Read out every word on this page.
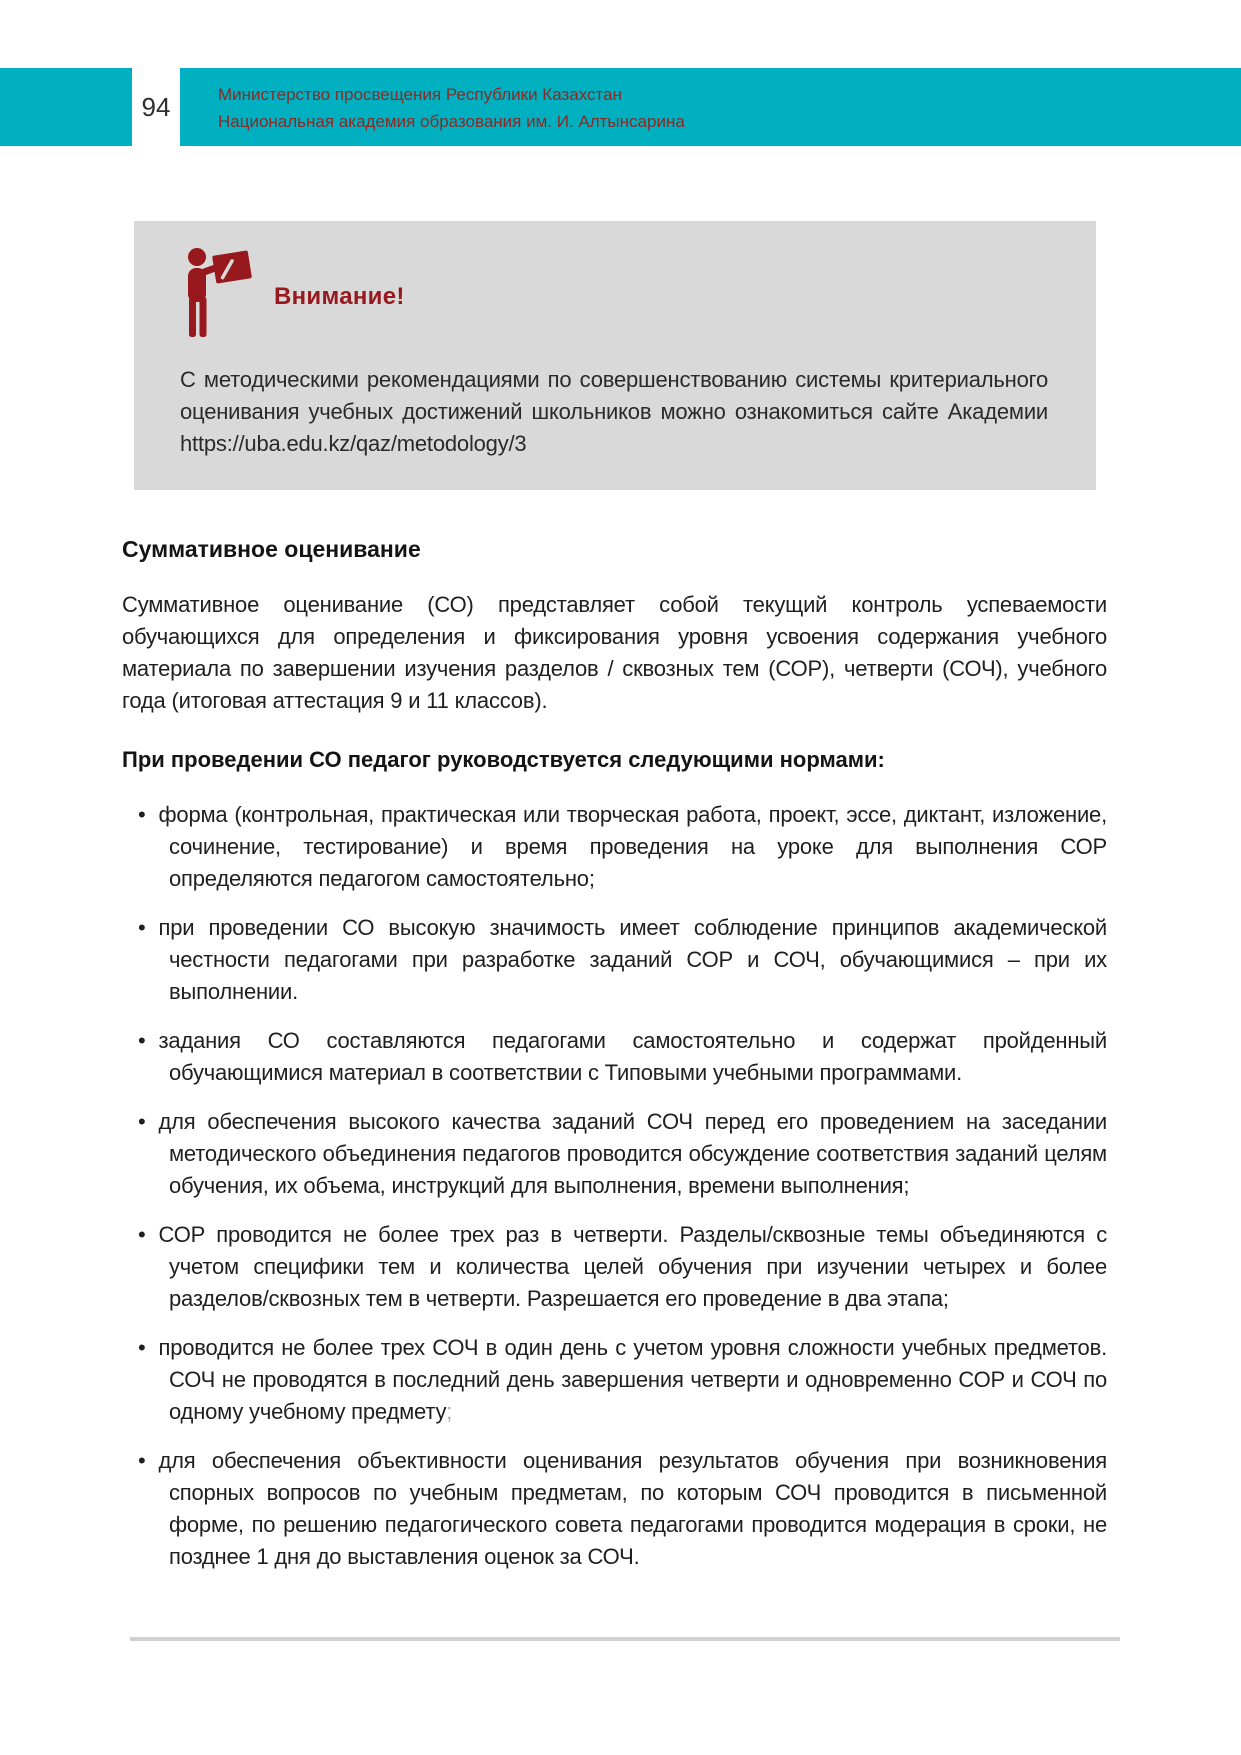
94	Министерство просвещения Республики Казахстан
Национальная академия образования им. И. Алтынсарина
Внимание!

С методическими рекомендациями по совершенствованию системы критериального оценивания учебных достижений школьников можно ознакомиться сайте Академии https://uba.edu.kz/qaz/metodology/3

Суммативное оценивание

Суммативное оценивание (СО) представляет собой текущий контроль успеваемости обучающихся для определения и фиксирования уровня усвоения содержания учебного материала по завершении изучения разделов / сквозных тем (СОР), четверти (СОЧ), учебного года (итоговая аттестация 9 и 11 классов).

При проведении СО педагог руководствуется следующими нормами:

• форма (контрольная, практическая или творческая работа, проект, эссе, диктант, изложение, сочинение, тестирование) и время проведения на уроке для выполнения СОР определяются педагогом самостоятельно;
• при проведении СО высокую значимость имеет соблюдение принципов академической честности педагогами при разработке заданий СОР и СОЧ, обучающимися – при их выполнении.
• задания СО составляются педагогами самостоятельно и содержат пройденный обучающимися материал в соответствии с Типовыми учебными программами.
• для обеспечения высокого качества заданий СОЧ перед его проведением на заседании методического объединения педагогов проводится обсуждение соответствия заданий целям обучения, их объема, инструкций для выполнения, времени выполнения;
• СОР проводится не более трех раз в четверти. Разделы/сквозные темы объединяются с учетом специфики тем и количества целей обучения при изучении четырех и более разделов/сквозных тем в четверти. Разрешается его проведение в два этапа;
• проводится не более трех СОЧ в один день с учетом уровня сложности учебных предметов. СОЧ не проводятся в последний день завершения четверти и одновременно СОР и СОЧ по одному учебному предмету;
• для обеспечения объективности оценивания результатов обучения при возникновения спорных вопросов по учебным предметам, по которым СОЧ проводится в письменной форме, по решению педагогического совета педагогами проводится модерация в сроки, не позднее 1 дня до выставления оценок за СОЧ.
